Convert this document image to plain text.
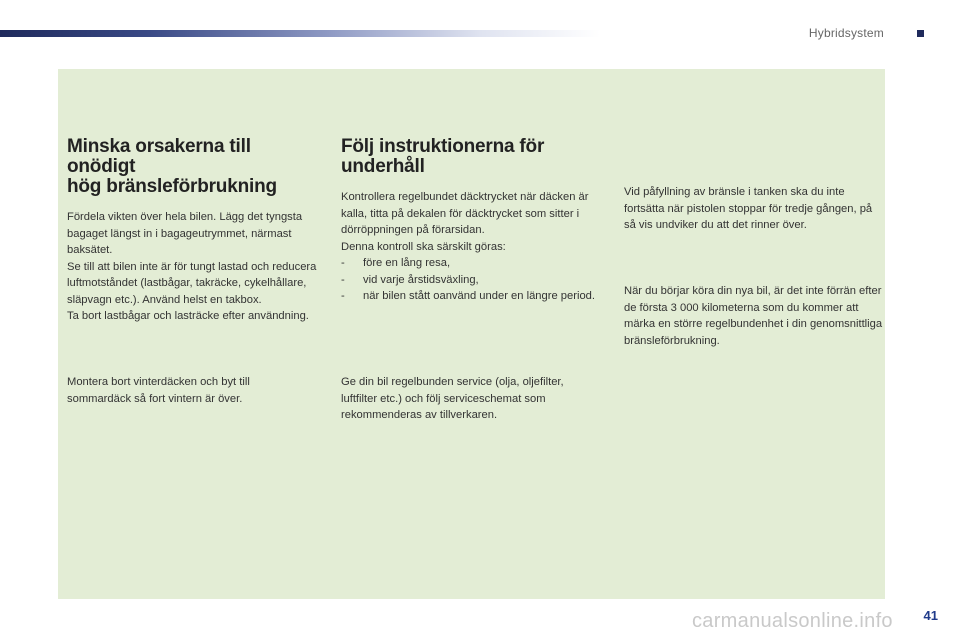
Hybridsystem
Minska orsakerna till onödigt
hög bränsleförbrukning

Fördela vikten över hela bilen. Lägg det tyngsta bagaget längst in i bagageutrymmet, närmast baksätet.

Se till att bilen inte är för tungt lastad och reducera luftmotståndet (lastbågar, takräcke, cykelhållare, släpvagn etc.). Använd helst en takbox.

Ta bort lastbågar och lasträcke efter användning.

Montera bort vinterdäcken och byt till sommardäck så fort vintern är över.

Följ instruktionerna för
underhåll

Kontrollera regelbundet däcktrycket när däcken är kalla, titta på dekalen för däcktrycket som sitter i dörröppningen på förarsidan.

Denna kontroll ska särskilt göras:

- före en lång resa,
- vid varje årstidsväxling,
- när bilen stått oanvänd under en längre period.

Ge din bil regelbunden service (olja, oljefilter, luftfilter etc.) och följ serviceschemat som rekommenderas av tillverkaren.

Vid påfyllning av bränsle i tanken ska du inte fortsätta när pistolen stoppar för tredje gången, på så vis undviker du att det rinner över.

När du börjar köra din nya bil, är det inte förrän efter de första 3 000 kilometerna som du kommer att märka en större regelbundenhet i din genomsnittliga bränsleförbrukning.

41
carmanualsonline.info
